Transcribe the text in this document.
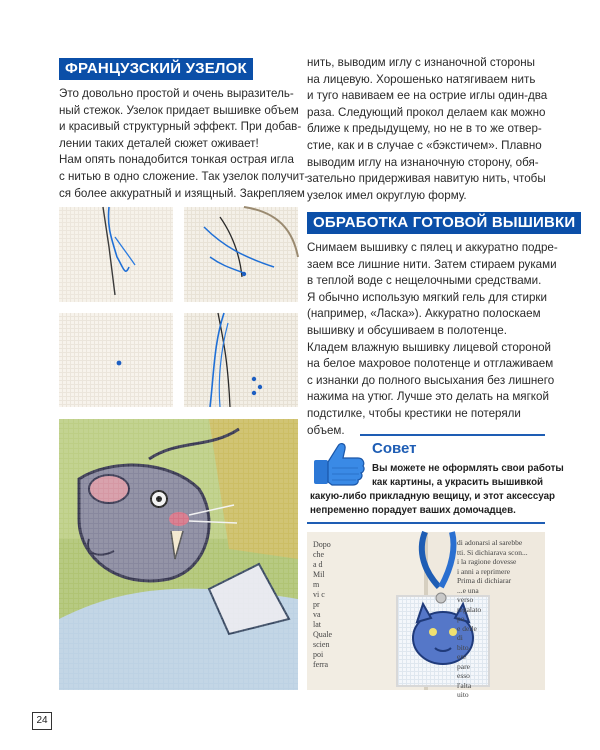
ФРАНЦУЗСКИЙ УЗЕЛОК
Это довольно простой и очень выразитель-
ный стежок. Узелок придает вышивке объем
и красивый структурный эффект. При добав-
лении таких деталей сюжет оживает!
Нам опять понадобится тонкая острая игла
с нитью в одно сложение. Так узелок получит-
ся более аккуратный и изящный. Закрепляем
нить, выводим иглу с изнаночной стороны
на лицевую. Хорошенько натягиваем нить
и туго навиваем ее на острие иглы один-два
раза. Следующий прокол делаем как можно
ближе к предыдущему, но не в то же отвер-
стие, как и в случае с «бэкстичем». Плавно
выводим иглу на изнаночную сторону, обя-
зательно придерживая навитую нить, чтобы
узелок имел округлую форму.
ОБРАБОТКА ГОТОВОЙ ВЫШИВКИ
Снимаем вышивку с пялец и аккуратно подре-
заем все лишние нити. Затем стираем руками
в теплой воде с нещелочными средствами.
Я обычно использую мягкий гель для стирки
(например, «Ласка»). Аккуратно полоскаем
вышивку и обсушиваем в полотенце.
Кладем влажную вышивку лицевой стороной
на белое махровое полотенце и отглаживаем
с изнанки до полного высыхания без лишнего
нажима на утюг. Лучше это делать на мягкой
подстилке, чтобы крестики не потеряли
объем.
Совет
Вы можете не оформлять свои работы
как картины, а украсить вышивкой
какую-либо прикладную вещицу, и этот аксессуар
непременно порадует ваших домочадцев.
Dopo
che
a d
Mil
m
vi c
pr
va
lat
Quale
scien
poi
ferra
di adonarsi al sarebbe
tti. Si dichiarava scon...
i la ragione dovesse
i anni a reprimere
Prima di dichiarar
...e una
verso
regalato
po
e delle
di
bito.
ere
pare
esso
l'alta
uito
24
